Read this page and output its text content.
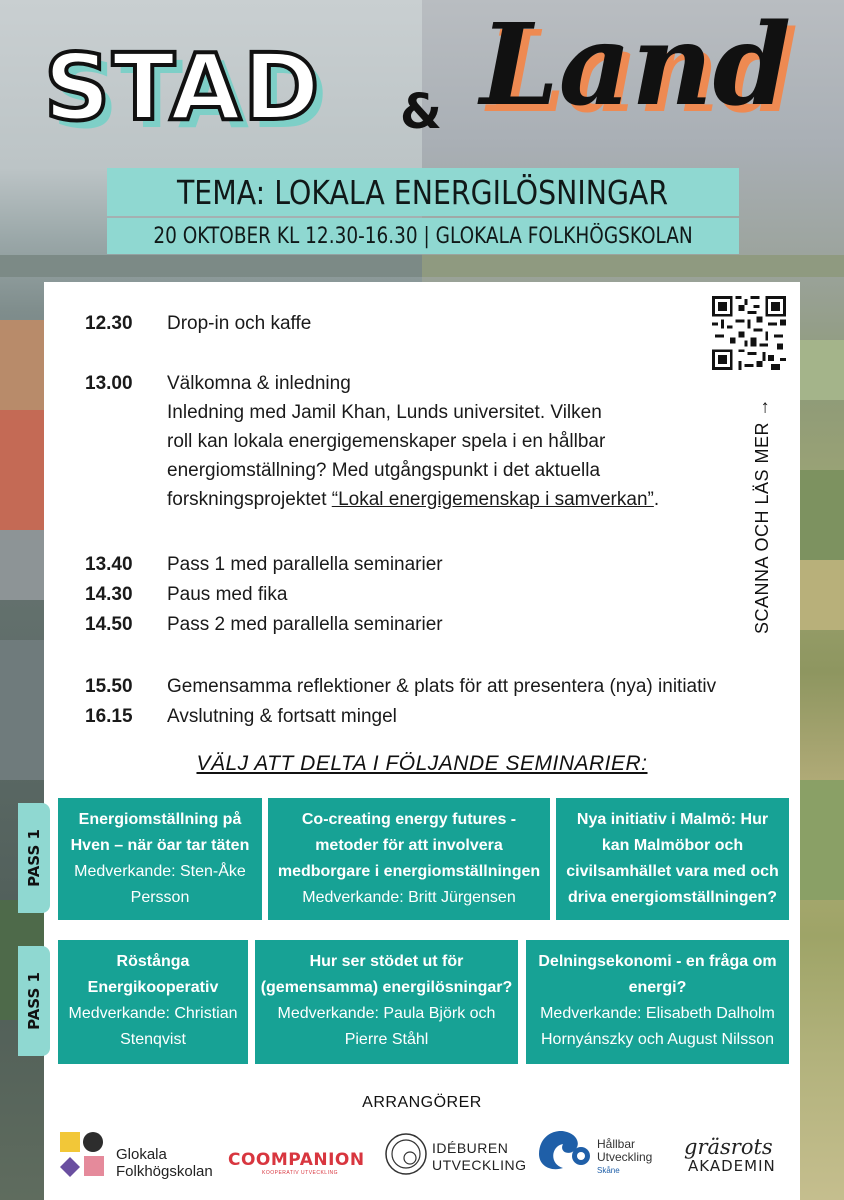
STAD & Land
TEMA: LOKALA ENERGILÖSNINGAR
20 OKTOBER KL 12.30-16.30 | GLOKALA FOLKHÖGSKOLAN
12.30	Drop-in och kaffe
13.00	Välkomna & inledning
Inledning med Jamil Khan, Lunds universitet. Vilken
roll kan lokala energigemenskaper spela i en hållbar
energiomställning? Med utgångspunkt i det aktuella
forskningsprojektet “Lokal energigemenskap i samverkan”.
13.40	Pass 1 med parallella seminarier
14.30	Paus med fika
14.50	Pass 2 med parallella seminarier
15.50	Gemensamma reflektioner & plats för att presentera (nya) initiativ
16.15	Avslutning & fortsatt mingel
SCANNA OCH LÄS MER →
VÄLJ ATT DELTA I FÖLJANDE SEMINARIER:
PASS 1
Energiomställning på
Hven – när öar tar täten
Medverkande: Sten-Åke
Persson
Co-creating energy futures -
metoder för att involvera
medborgare i energiomställningen
Medverkande: Britt Jürgensen
Nya initiativ i Malmö: Hur
kan Malmöbor och
civilsamhället vara med och
driva energiomställningen?
PASS 1
Röstånga
Energikooperativ
Medverkande: Christian
Stenqvist
Hur ser stödet ut för
(gemensamma) energilösningar?
Medverkande: Paula Björk och
Pierre Ståhl
Delningsekonomi - en fråga om
energi?
Medverkande: Elisabeth Dalholm
Hornyánszky och August Nilsson
ARRANGÖRER
Glokala
Folkhögskolan
COOMPANION
KOOPERATIV UTVECKLING
IDÉBUREN
UTVECKLING
Hållbar
Utveckling
Skåne
gräsrots
AKADEMIN
